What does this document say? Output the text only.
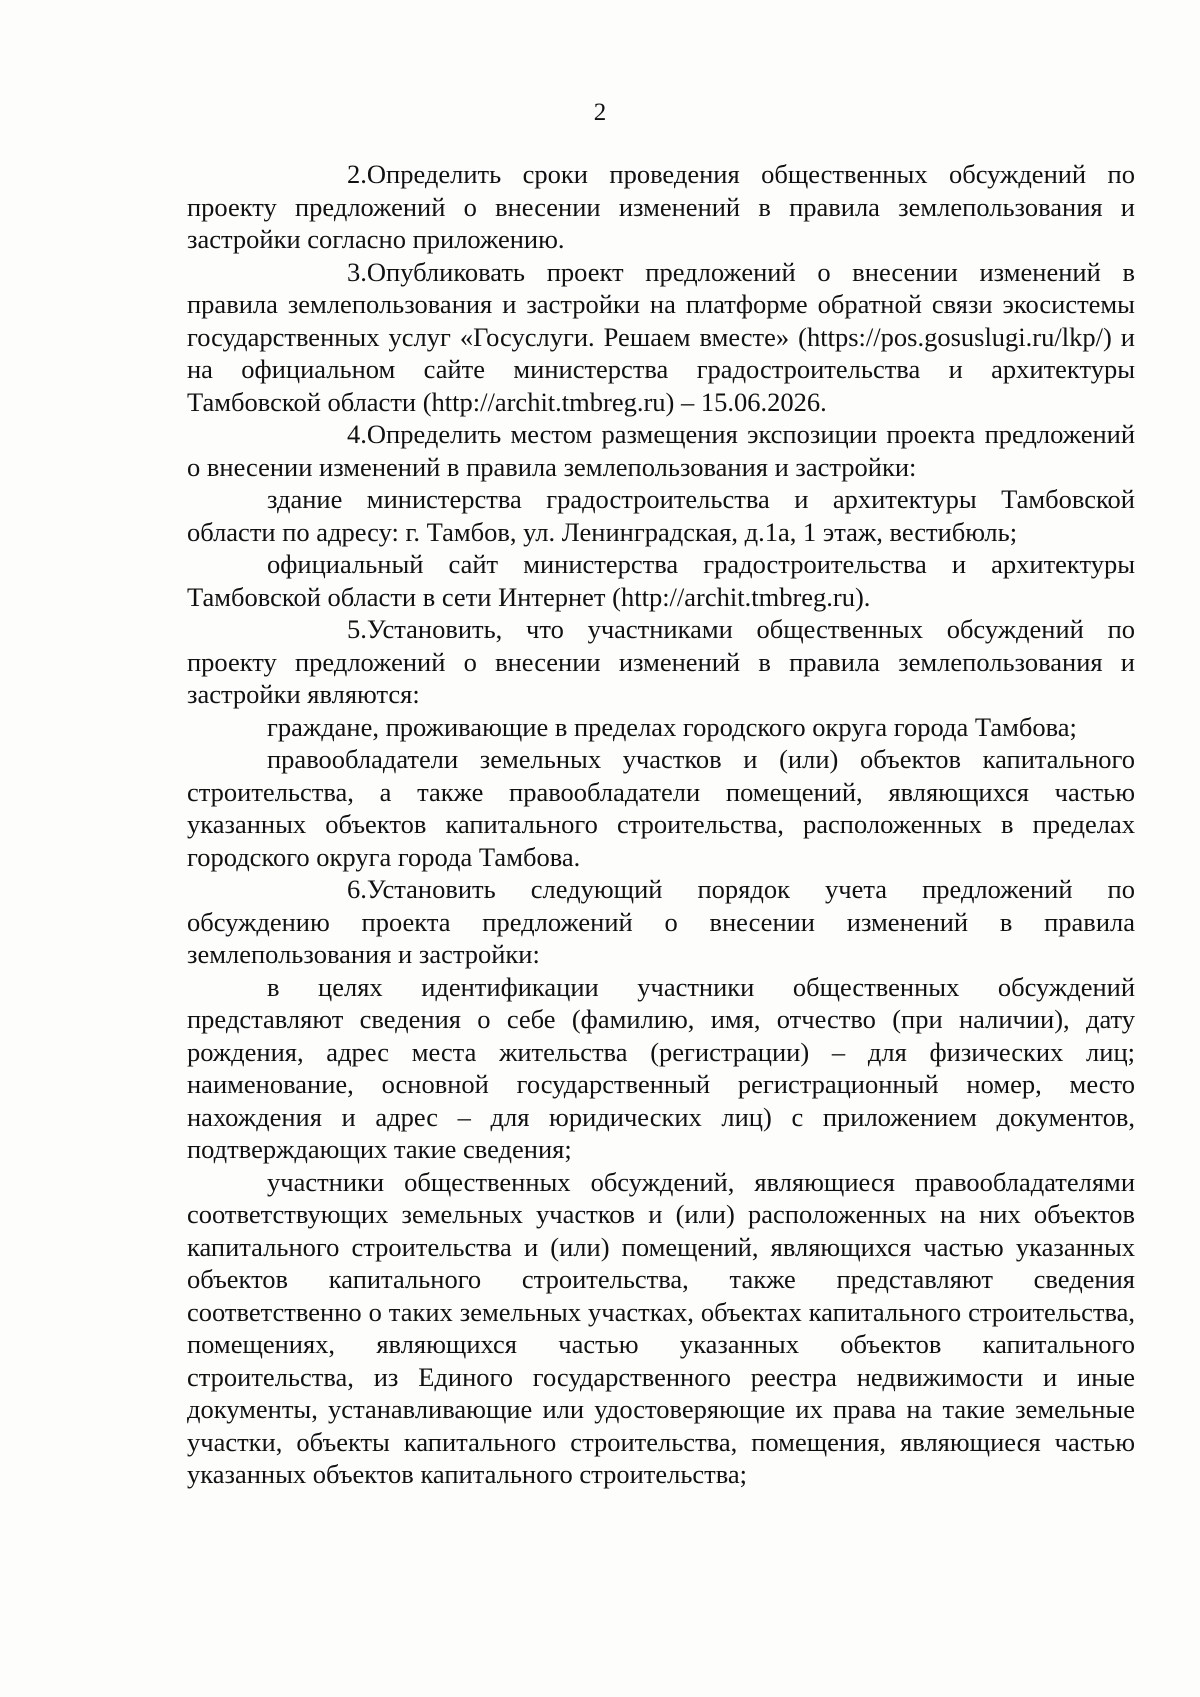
2

2.Определить сроки проведения общественных обсуждений по проекту предложений о внесении изменений в правила землепользования и застройки согласно приложению.

3.Опубликовать проект предложений о внесении изменений в правила землепользования и застройки на платформе обратной связи экосистемы государственных услуг «Госуслуги. Решаем вместе» (https://pos.gosuslugi.ru/lkp/) и на официальном сайте министерства градостроительства и архитектуры Тамбовской области (http://archit.tmbreg.ru) – 15.06.2026.

4.Определить местом размещения экспозиции проекта предложений о внесении изменений в правила землепользования и застройки:

здание министерства градостроительства и архитектуры Тамбовской области по адресу: г. Тамбов, ул. Ленинградская, д.1а, 1 этаж, вестибюль;

официальный сайт министерства градостроительства и архитектуры Тамбовской области в сети Интернет (http://archit.tmbreg.ru).

5.Установить, что участниками общественных обсуждений по проекту предложений о внесении изменений в правила землепользования и застройки являются:

граждане, проживающие в пределах городского округа города Тамбова;

правообладатели земельных участков и (или) объектов капитального строительства, а также правообладатели помещений, являющихся частью указанных объектов капитального строительства, расположенных в пределах городского округа города Тамбова.

6.Установить следующий порядок учета предложений по обсуждению проекта предложений о внесении изменений в правила землепользования и застройки:

в целях идентификации участники общественных обсуждений представляют сведения о себе (фамилию, имя, отчество (при наличии), дату рождения, адрес места жительства (регистрации) – для физических лиц; наименование, основной государственный регистрационный номер, место нахождения и адрес – для юридических лиц) с приложением документов, подтверждающих такие сведения;

участники общественных обсуждений, являющиеся правообладателями соответствующих земельных участков и (или) расположенных на них объектов капитального строительства и (или) помещений, являющихся частью указанных объектов капитального строительства, также представляют сведения соответственно о таких земельных участках, объектах капитального строительства, помещениях, являющихся частью указанных объектов капитального строительства, из Единого государственного реестра недвижимости и иные документы, устанавливающие или удостоверяющие их права на такие земельные участки, объекты капитального строительства, помещения, являющиеся частью указанных объектов капитального строительства;
